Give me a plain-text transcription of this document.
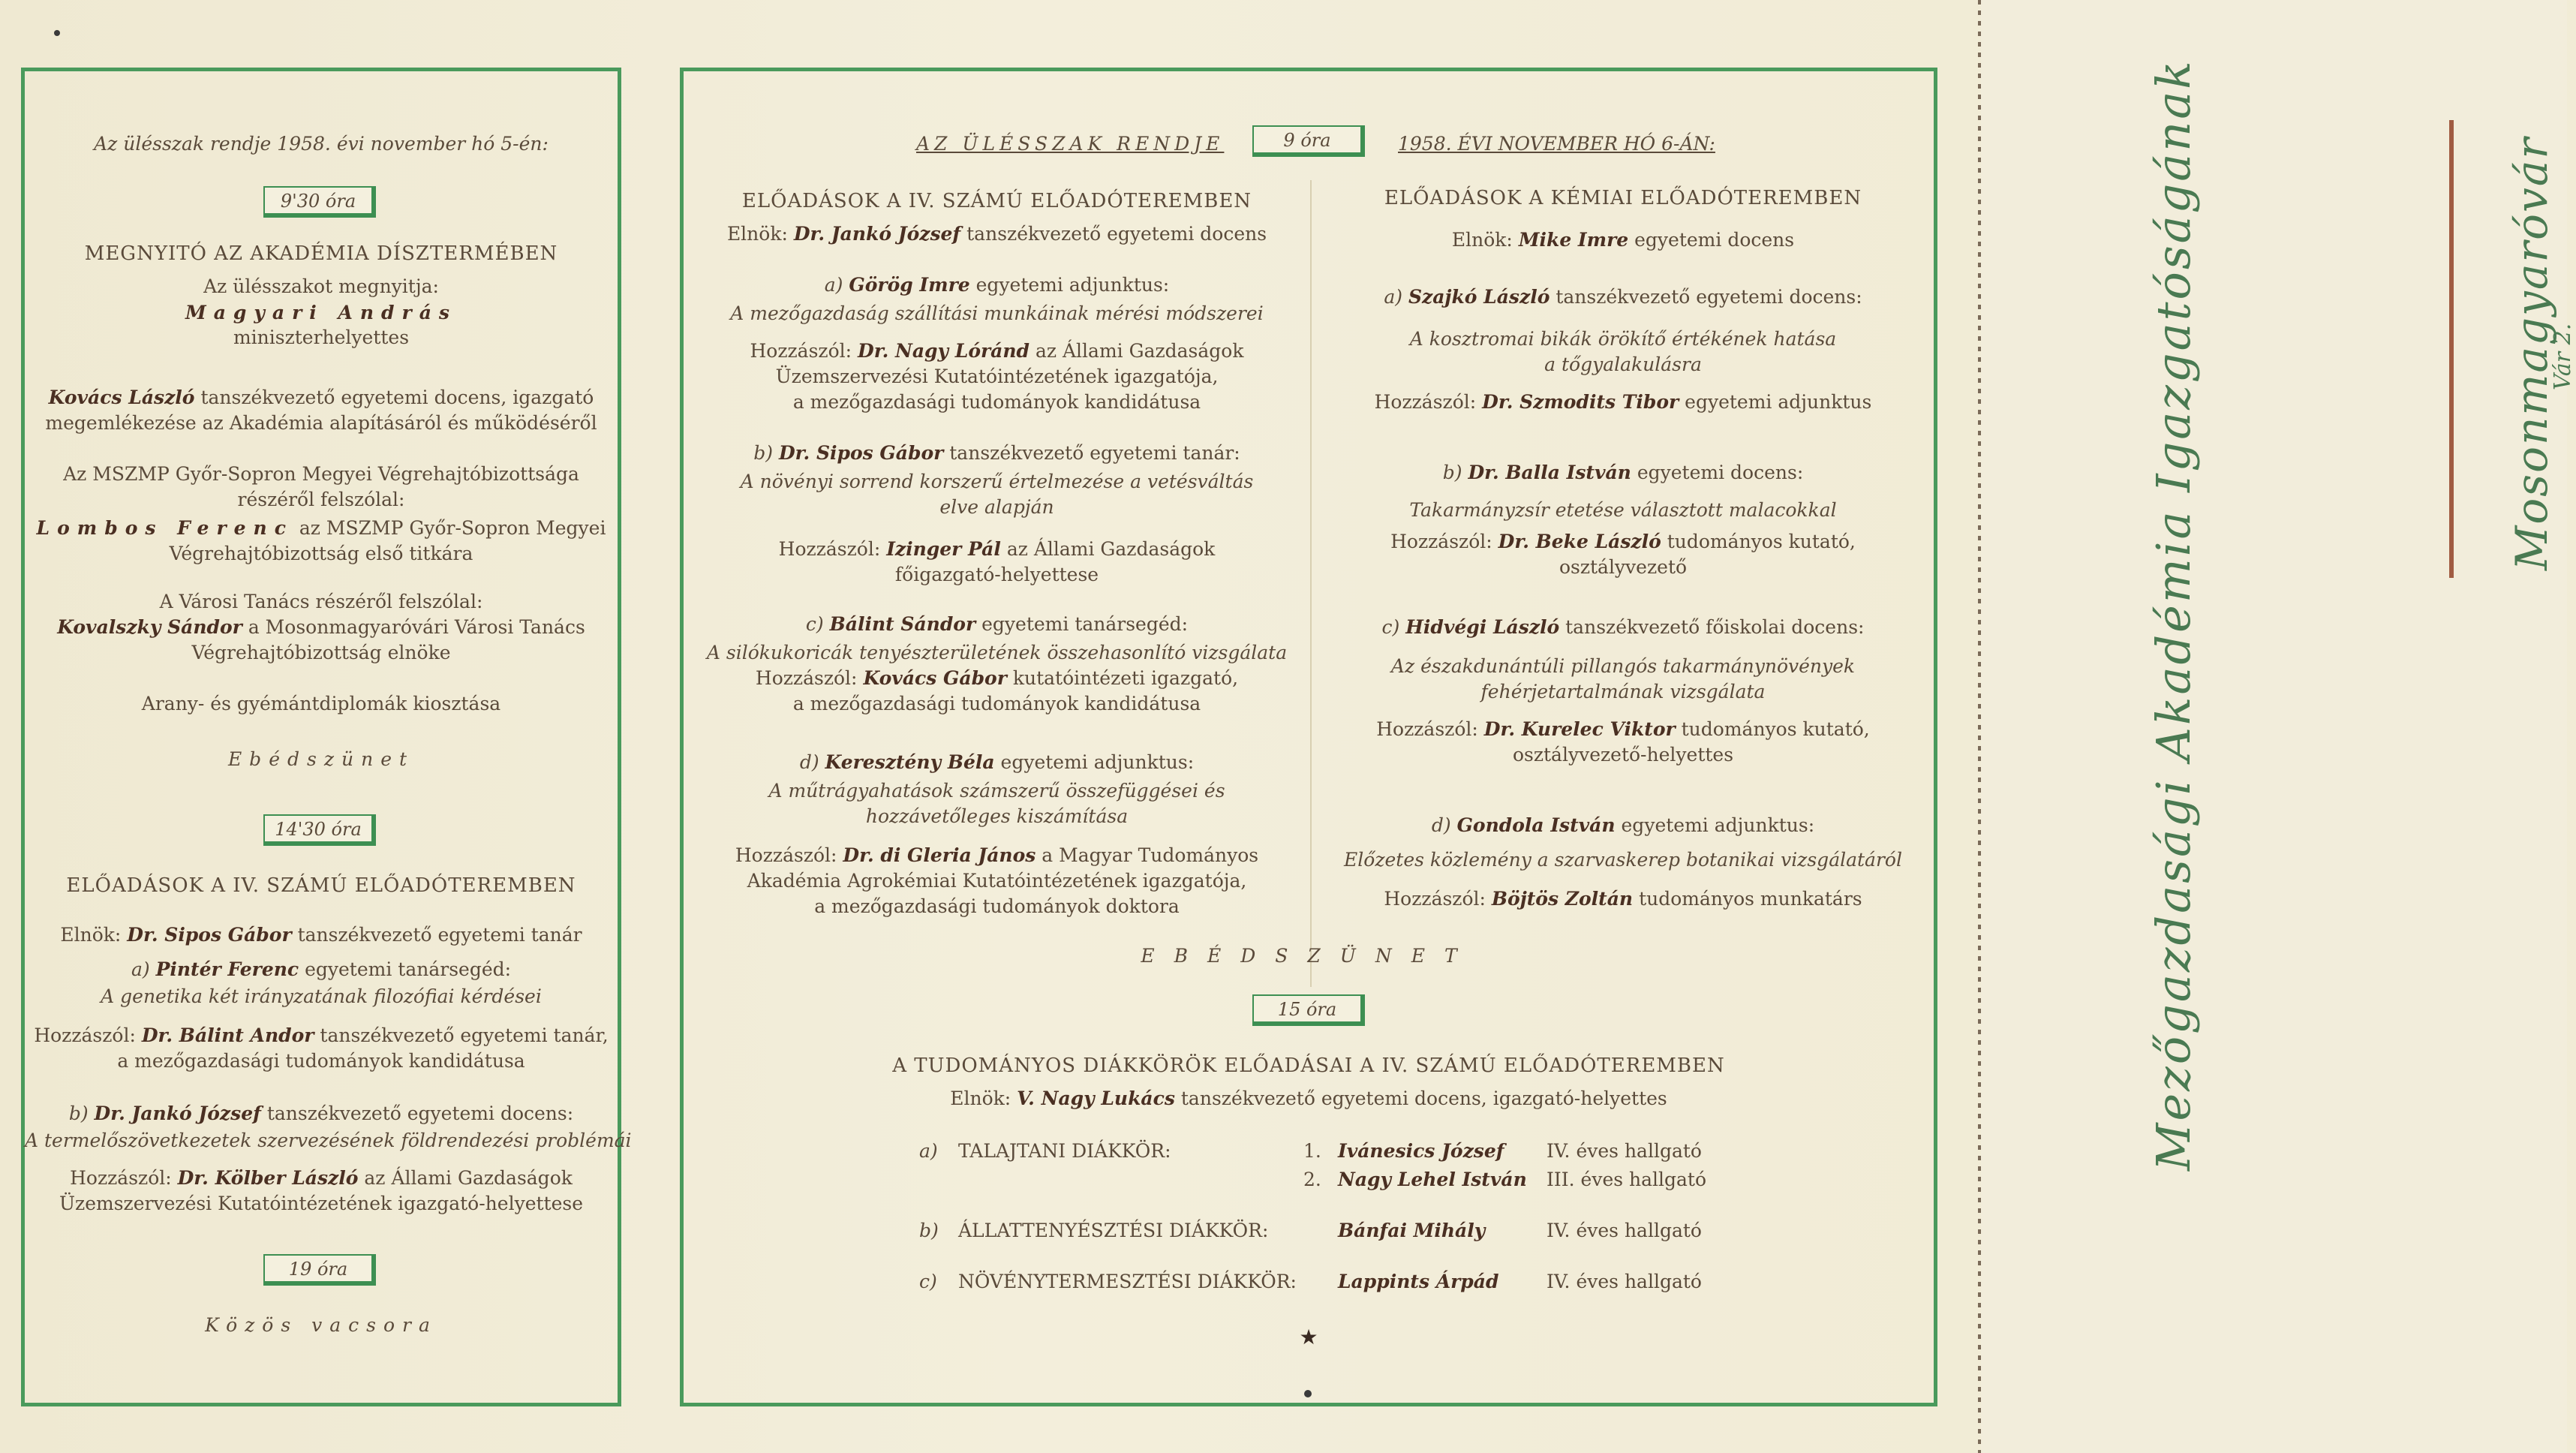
Az ülésszak rendje 1958. évi november hó 5-én:
9'30 óra
MEGNYITÓ AZ AKADÉMIA DÍSZTERMÉBEN
Az ülésszakot megnyitja:
Magyari András
miniszterhelyettes
Kovács László tanszékvezető egyetemi docens, igazgató
megemlékezése az Akadémia alapításáról és működéséről
Az MSZMP Győr-Sopron Megyei Végrehajtóbizottsága
részéről felszólal:
Lombos Ferenc az MSZMP Győr-Sopron Megyei
Végrehajtóbizottság első titkára
A Városi Tanács részéről felszólal:
Kovalszky Sándor a Mosonmagyaróvári Városi Tanács
Végrehajtóbizottság elnöke
Arany- és gyémántdiplomák kiosztása
Ebédszünet
14'30 óra
ELŐADÁSOK A IV. SZÁMÚ ELŐADÓTEREMBEN
Elnök: Dr. Sipos Gábor tanszékvezető egyetemi tanár
a) Pintér Ferenc egyetemi tanársegéd:
A genetika két irányzatának filozófiai kérdései
Hozzászól: Dr. Bálint Andor tanszékvezető egyetemi tanár,
a mezőgazdasági tudományok kandidátusa
b) Dr. Jankó József tanszékvezető egyetemi docens:
A termelőszövetkezetek szervezésének földrendezési problémái
Hozzászól: Dr. Kölber László az Állami Gazdaságok
Üzemszervezési Kutatóintézetének igazgató-helyettese
19 óra
Közös vacsora
AZ ÜLÉSSZAK RENDJE	9 óra	1958. ÉVI NOVEMBER HÓ 6-ÁN:
ELŐADÁSOK A IV. SZÁMÚ ELŐADÓTEREMBEN
Elnök: Dr. Jankó József tanszékvezető egyetemi docens
a) Görög Imre egyetemi adjunktus:
A mezőgazdaság szállítási munkáinak mérési módszerei
Hozzászól: Dr. Nagy Lóránd az Állami Gazdaságok
Üzemszervezési Kutatóintézetének igazgatója,
a mezőgazdasági tudományok kandidátusa
b) Dr. Sipos Gábor tanszékvezető egyetemi tanár:
A növényi sorrend korszerű értelmezése a vetésváltás
elve alapján
Hozzászól: Izinger Pál az Állami Gazdaságok
főigazgató-helyettese
c) Bálint Sándor egyetemi tanársegéd:
A silókukoricák tenyészterületének összehasonlító vizsgálata
Hozzászól: Kovács Gábor kutatóintézeti igazgató,
a mezőgazdasági tudományok kandidátusa
d) Keresztény Béla egyetemi adjunktus:
A műtrágyahatások számszerű összefüggései és
hozzávetőleges kiszámítása
Hozzászól: Dr. di Gleria János a Magyar Tudományos
Akadémia Agrokémiai Kutatóintézetének igazgatója,
a mezőgazdasági tudományok doktora
ELŐADÁSOK A KÉMIAI ELŐADÓTEREMBEN
Elnök: Mike Imre egyetemi docens
a) Szajkó László tanszékvezető egyetemi docens:
A kosztromai bikák örökítő értékének hatása
a tőgyalakulásra
Hozzászól: Dr. Szmodits Tibor egyetemi adjunktus
b) Dr. Balla István egyetemi docens:
Takarmányzsír etetése választott malacokkal
Hozzászól: Dr. Beke László tudományos kutató,
osztályvezető
c) Hidvégi László tanszékvezető főiskolai docens:
Az északdunántúli pillangós takarmánynövények
fehérjetartalmának vizsgálata
Hozzászól: Dr. Kurelec Viktor tudományos kutató,
osztályvezető-helyettes
d) Gondola István egyetemi adjunktus:
Előzetes közlemény a szarvaskerep botanikai vizsgálatáról
Hozzászól: Böjtös Zoltán tudományos munkatárs
EBÉDSZÜNET
15 óra
A TUDOMÁNYOS DIÁKKÖRÖK ELŐADÁSAI A IV. SZÁMÚ ELŐADÓTEREMBEN
Elnök: V. Nagy Lukács tanszékvezető egyetemi docens, igazgató-helyettes
a) TALAJTANI DIÁKKÖR:	1. Ivánesics József IV. éves hallgató
2. Nagy Lehel István III. éves hallgató
b) ÁLLATTENYÉSZTÉSI DIÁKKÖR:	Bánfai Mihály	IV. éves hallgató
c) NÖVÉNYTERMESZTÉSI DIÁKKÖR: Lappints Árpád	IV. éves hallgató
★
Mezőgazdasági Akadémia Igazgatóságának	Mosonmagyaróvár
Vár 2.
